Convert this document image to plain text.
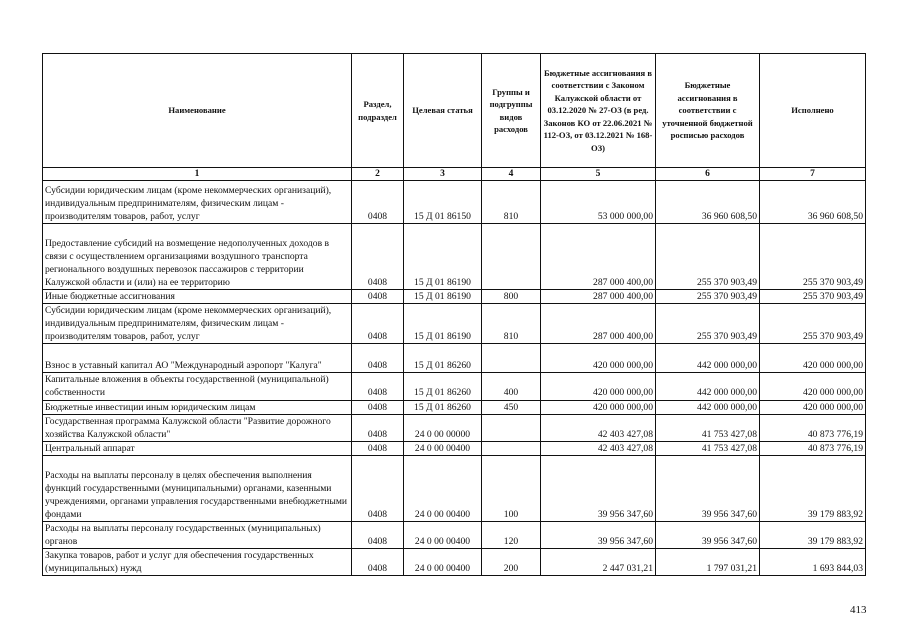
Наименование	Раздел, подраздел	Целевая статья	Группы и подгруппы видов расходов	Бюджетные ассигнования в соответствии с Законом Калужской области от 03.12.2020 № 27-ОЗ (в ред. Законов КО от 22.06.2021 № 112-ОЗ, от 03.12.2021 № 168-ОЗ)	Бюджетные ассигнования в соответствии с уточненной бюджетной росписью расходов	Исполнено
1	2	3	4	5	6	7
Субсидии юридическим лицам (кроме некоммерческих организаций), индивидуальным предпринимателям, физическим лицам - производителям товаров, работ, услуг	0408	15 Д 01 86150	810	53 000 000,00	36 960 608,50	36 960 608,50
Предоставление субсидий на возмещение недополученных доходов в связи с осуществлением организациями воздушного транспорта регионального воздушных перевозок пассажиров с территории Калужской области и (или) на ее территорию	0408	15 Д 01 86190		287 000 400,00	255 370 903,49	255 370 903,49
Иные бюджетные ассигнования	0408	15 Д 01 86190	800	287 000 400,00	255 370 903,49	255 370 903,49
Субсидии юридическим лицам (кроме некоммерческих организаций), индивидуальным предпринимателям, физическим лицам - производителям товаров, работ, услуг	0408	15 Д 01 86190	810	287 000 400,00	255 370 903,49	255 370 903,49
Взнос в уставный капитал АО "Международный аэропорт "Калуга"	0408	15 Д 01 86260		420 000 000,00	442 000 000,00	420 000 000,00
Капитальные вложения в объекты государственной (муниципальной) собственности	0408	15 Д 01 86260	400	420 000 000,00	442 000 000,00	420 000 000,00
Бюджетные инвестиции иным юридическим лицам	0408	15 Д 01 86260	450	420 000 000,00	442 000 000,00	420 000 000,00
Государственная программа Калужской области "Развитие дорожного хозяйства Калужской области"	0408	24 0 00 00000		42 403 427,08	41 753 427,08	40 873 776,19
Центральный аппарат	0408	24 0 00 00400		42 403 427,08	41 753 427,08	40 873 776,19
Расходы на выплаты персоналу в целях обеспечения выполнения функций государственными (муниципальными) органами, казенными учреждениями, органами управления государственными внебюджетными фондами	0408	24 0 00 00400	100	39 956 347,60	39 956 347,60	39 179 883,92
Расходы на выплаты персоналу государственных (муниципальных) органов	0408	24 0 00 00400	120	39 956 347,60	39 956 347,60	39 179 883,92
Закупка товаров, работ и услуг для обеспечения государственных (муниципальных) нужд	0408	24 0 00 00400	200	2 447 031,21	1 797 031,21	1 693 844,03
413
